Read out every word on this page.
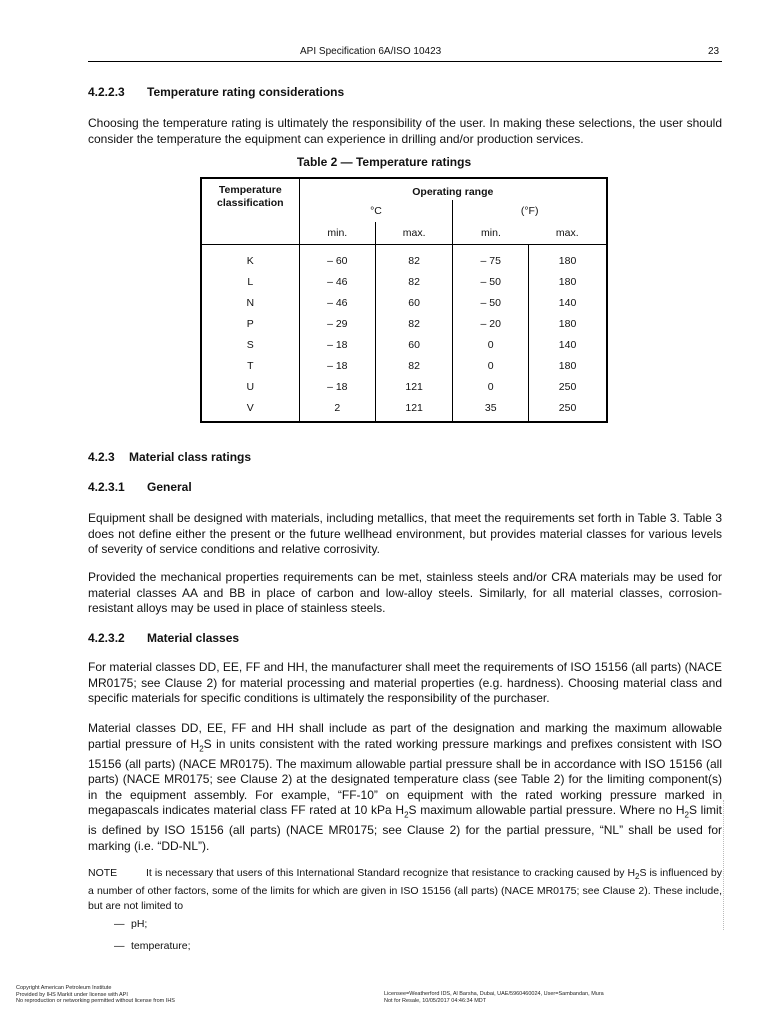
API Specification 6A/ISO 10423	23
4.2.2.3 Temperature rating considerations
Choosing the temperature rating is ultimately the responsibility of the user. In making these selections, the user should consider the temperature the equipment can experience in drilling and/or production services.
Table 2 — Temperature ratings
Temperature
classification	Operating range			
	°C		(°F)	
	min.	max.	min.	max.

K	– 60	82	– 75	180
L	– 46	82	– 50	180
N	– 46	60	– 50	140
P	– 29	82	– 20	180
S	– 18	60	0	140
T	– 18	82	0	180
U	– 18	121	0	250
V	2	121	35	250

4.2.3 Material class ratings
4.2.3.1 General
Equipment shall be designed with materials, including metallics, that meet the requirements set forth in Table 3. Table 3 does not define either the present or the future wellhead environment, but provides material classes for various levels of severity of service conditions and relative corrosivity.
Provided the mechanical properties requirements can be met, stainless steels and/or CRA materials may be used for material classes AA and BB in place of carbon and low-alloy steels. Similarly, for all material classes, corrosion-resistant alloys may be used in place of stainless steels.
4.2.3.2 Material classes
For material classes DD, EE, FF and HH, the manufacturer shall meet the requirements of ISO 15156 (all parts) (NACE MR0175; see Clause 2) for material processing and material properties (e.g. hardness). Choosing material class and specific materials for specific conditions is ultimately the responsibility of the purchaser.
Material classes DD, EE, FF and HH shall include as part of the designation and marking the maximum allowable partial pressure of $H_2S$ in units consistent with the rated working pressure markings and prefixes consistent with ISO 15156 (all parts) (NACE MR0175). The maximum allowable partial pressure shall be in accordance with ISO 15156 (all parts) (NACE MR0175; see Clause 2) at the designated temperature class (see Table 2) for the limiting component(s) in the equipment assembly. For example, “FF-10” on equipment with the rated working pressure marked in megapascals indicates material class FF rated at 10 kPa $H_2S$ maximum allowable partial pressure. Where no $H_2S$ limit is defined by ISO 15156 (all parts) (NACE MR0175; see Clause 2) for the partial pressure, “NL” shall be used for marking (i.e. “DD-NL”).
NOTE	It is necessary that users of this International Standard recognize that resistance to cracking caused by $H_2S$ is influenced by a number of other factors, some of the limits for which are given in ISO 15156 (all parts) (NACE MR0175; see Clause 2). These include, but are not limited to
— pH;
— temperature;
Copyright American Petroleum Institute
Provided by IHS Markit under license with API
No reproduction or networking permitted without license from IHS
Licensee=Weatherford IDS, Al Barsha, Dubai, UAE/5960460024, User=Sambandan, Mura
Not for Resale, 10/05/2017 04:46:34 MDT
